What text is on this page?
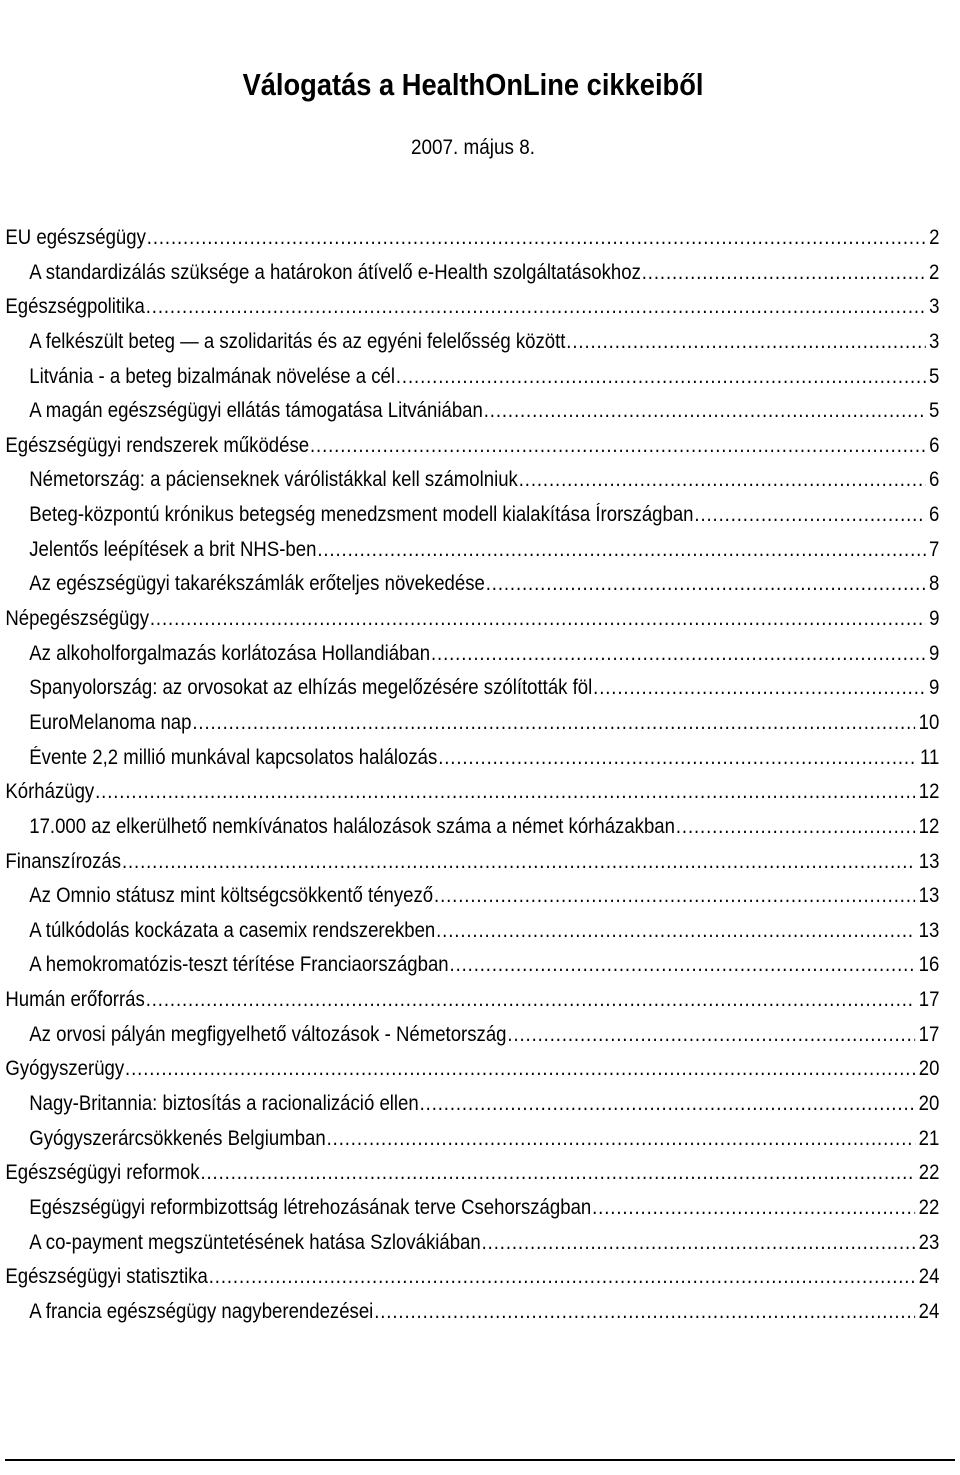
Válogatás a HealthOnLine cikkeiből
2007. május 8.
EU egészségügy .....	2
A standardizálás szüksége a határokon átívelő e-Health szolgáltatásokhoz .....	2
Egészségpolitika .....	3
A felkészült beteg — a szolidaritás és az egyéni felelősség között .....	3
Litvánia - a beteg bizalmának növelése a cél .....	5
A magán egészségügyi ellátás támogatása Litvániában .....	5
Egészségügyi rendszerek működése .....	6
Németország: a pácienseknek várólistákkal kell számolniuk .....	6
Beteg-központú krónikus betegség menedzsment modell kialakítása Írországban .....	6
Jelentős leépítések a brit NHS-ben .....	7
Az egészségügyi takarékszámlák erőteljes növekedése .....	8
Népegészségügy .....	9
Az alkoholforgalmazás korlátozása Hollandiában .....	9
Spanyolország: az orvosokat az elhízás megelőzésére szólították föl .....	9
EuroMelanoma nap .....	10
Évente 2,2 millió munkával kapcsolatos halálozás .....	11
Kórházügy .....	12
17.000 az elkerülhető nemkívánatos halálozások száma a német kórházakban .....	12
Finanszírozás .....	13
Az Omnio státusz mint költségcsökkentő tényező .....	13
A túlkódolás kockázata a casemix rendszerekben .....	13
A hemokromatózis-teszt térítése Franciaországban .....	16
Humán erőforrás .....	17
Az orvosi pályán megfigyelhető változások - Németország .....	17
Gyógyszerügy .....	20
Nagy-Britannia: biztosítás a racionalizáció ellen .....	20
Gyógyszerárcsökkenés Belgiumban .....	21
Egészségügyi reformok .....	22
Egészségügyi reformbizottság létrehozásának terve Csehországban .....	22
A co-payment megszüntetésének hatása Szlovákiában .....	23
Egészségügyi statisztika .....	24
A francia egészségügy nagyberendezései .....	24
